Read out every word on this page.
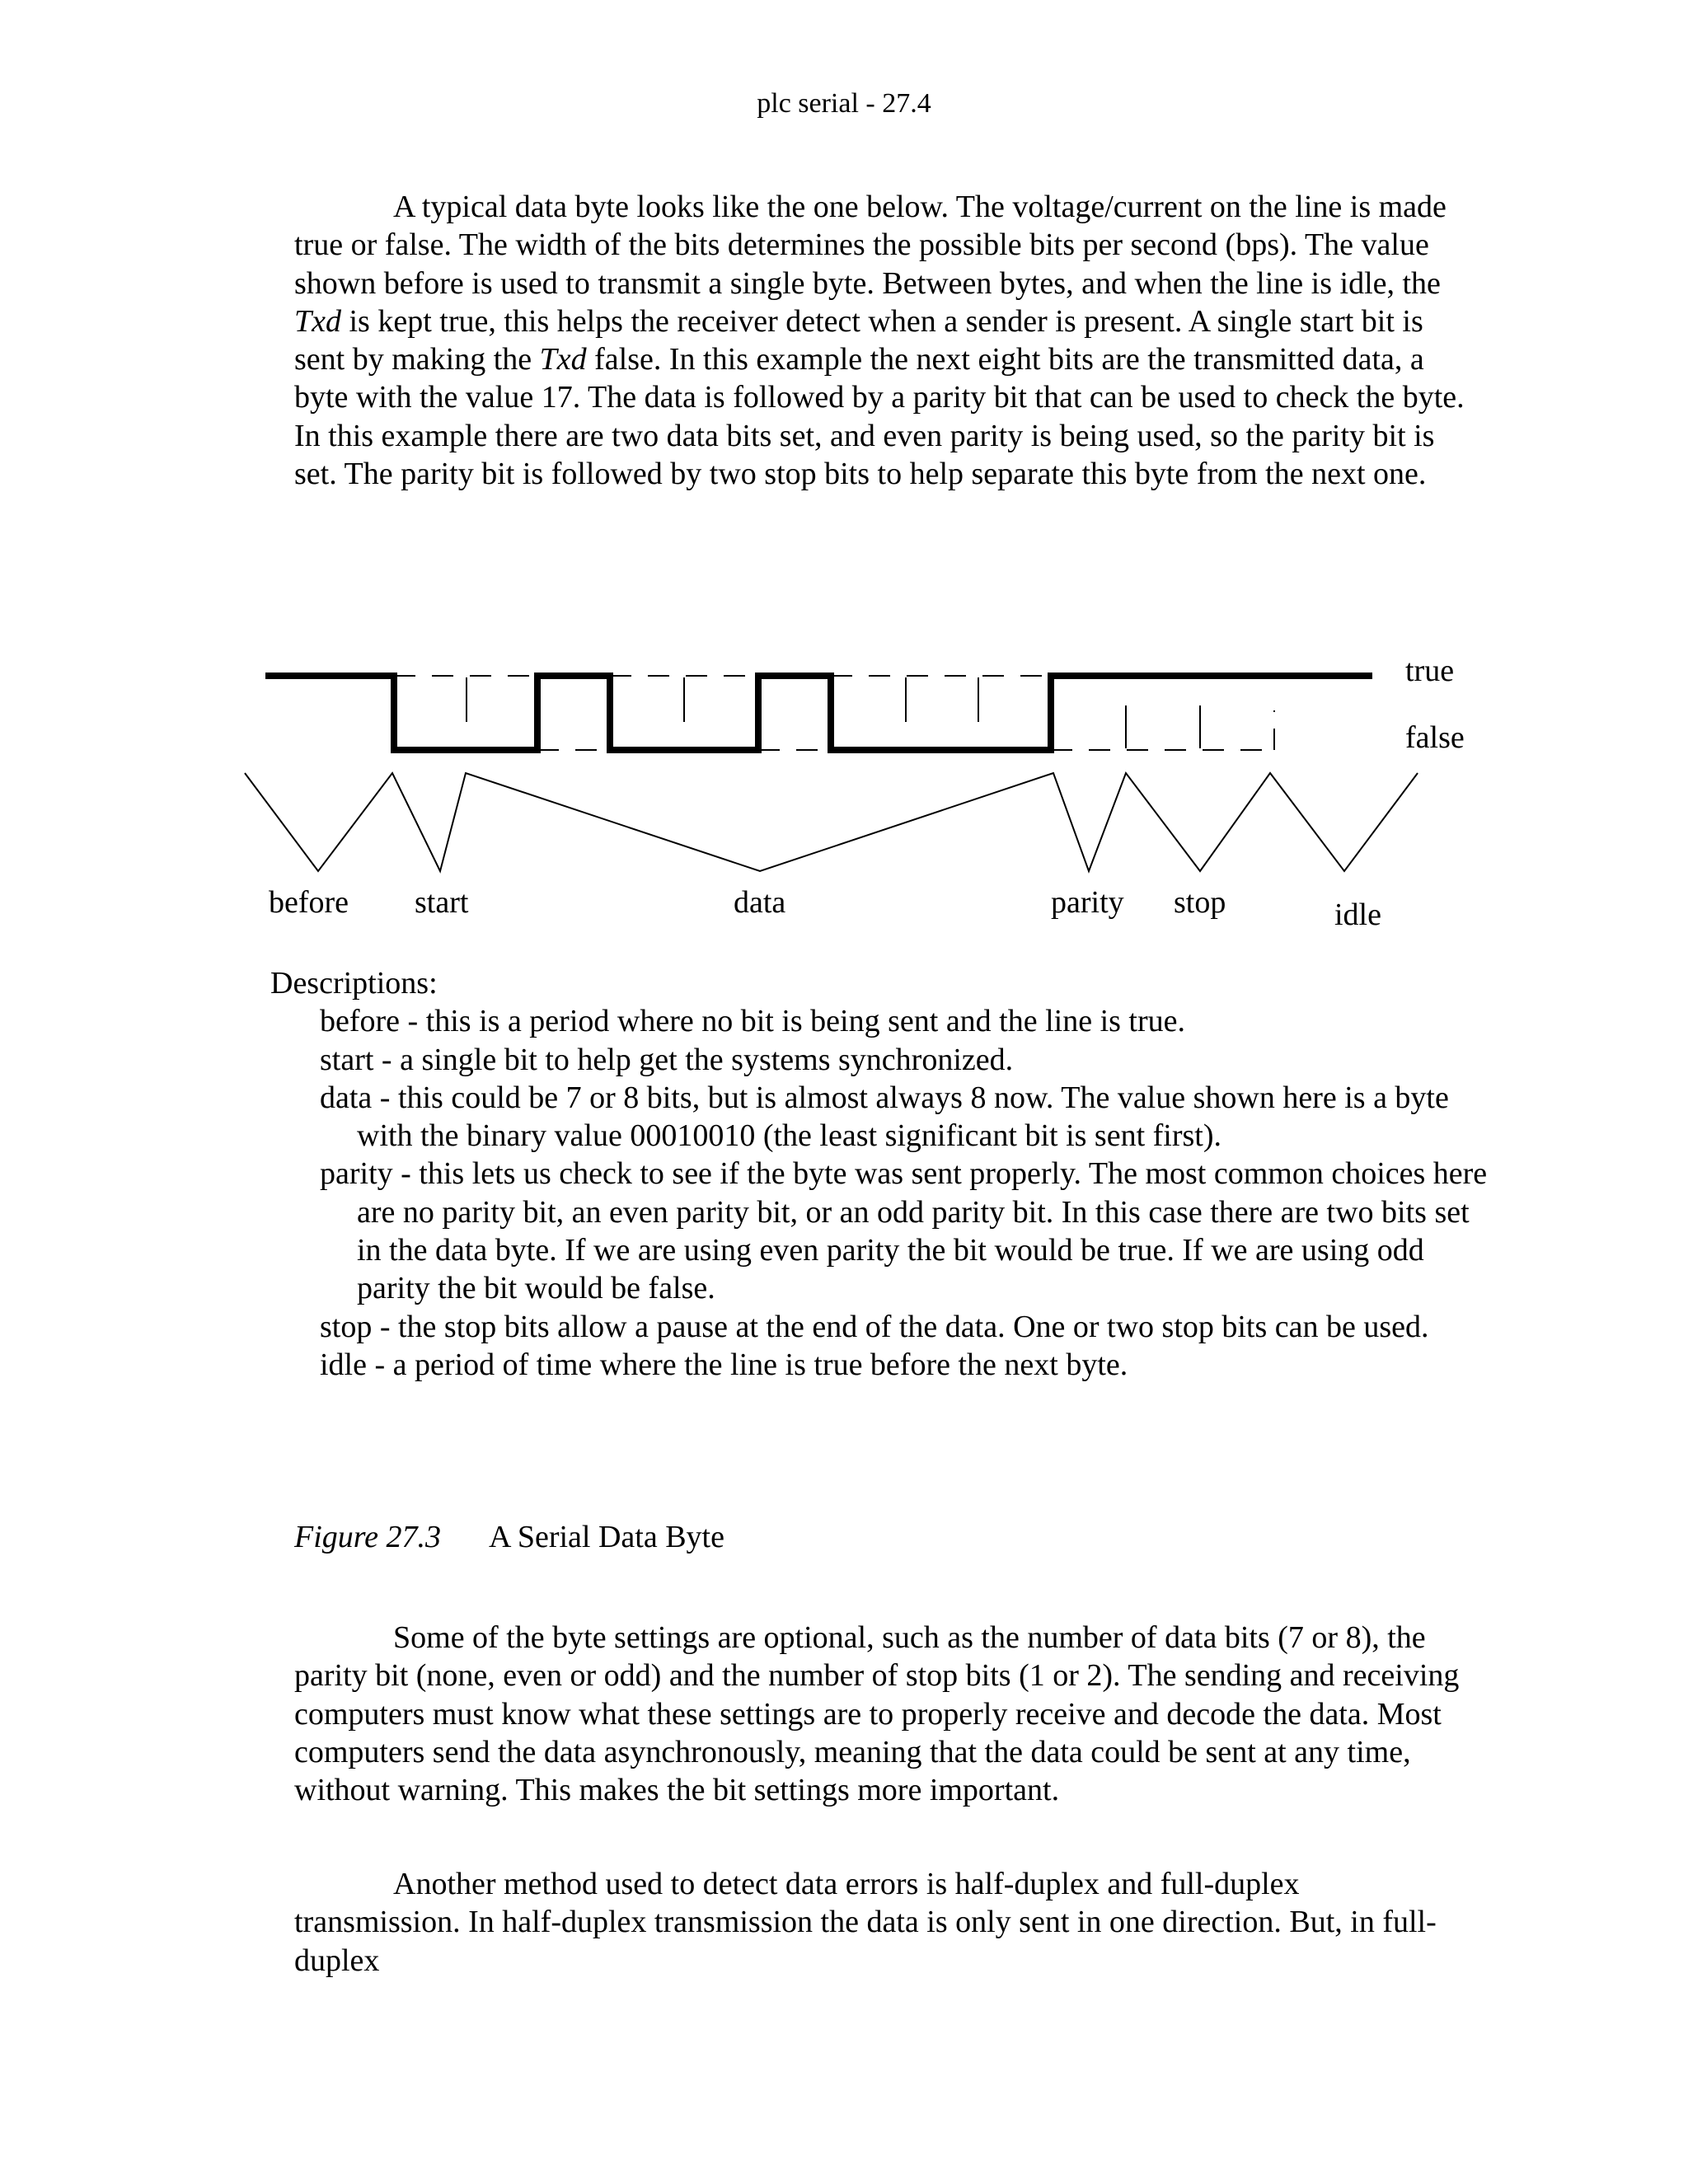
plc serial - 27.4

A typical data byte looks like the one below. The voltage/current on the line is made true or false. The width of the bits determines the possible bits per second (bps). The value shown before is used to transmit a single byte. Between bytes, and when the line is idle, the Txd is kept true, this helps the receiver detect when a sender is present. A single start bit is sent by making the Txd false. In this example the next eight bits are the transmitted data, a byte with the value 17. The data is followed by a parity bit that can be used to check the byte. In this example there are two data bits set, and even parity is being used, so the parity bit is set. The parity bit is followed by two stop bits to help separate this byte from the next one.

true
false
before start	data	parity stop	idle

Descriptions:

before - this is a period where no bit is being sent and the line is true.
start - a single bit to help get the systems synchronized.
data - this could be 7 or 8 bits, but is almost always 8 now. The value shown here is a byte with the binary value 00010010 (the least significant bit is sent first).
parity - this lets us check to see if the byte was sent properly. The most common choices here are no parity bit, an even parity bit, or an odd parity bit. In this case there are two bits set in the data byte. If we are using even parity the bit would be true. If we are using odd parity the bit would be false.
stop - the stop bits allow a pause at the end of the data. One or two stop bits can be used.
idle - a period of time where the line is true before the next byte.
Figure 27.3 A Serial Data Byte

Some of the byte settings are optional, such as the number of data bits (7 or 8), the parity bit (none, even or odd) and the number of stop bits (1 or 2). The sending and receiving computers must know what these settings are to properly receive and decode the data. Most computers send the data asynchronously, meaning that the data could be sent at any time, without warning. This makes the bit settings more important.

Another method used to detect data errors is half-duplex and full-duplex transmission. In half-duplex transmission the data is only sent in one direction. But, in full-duplex
